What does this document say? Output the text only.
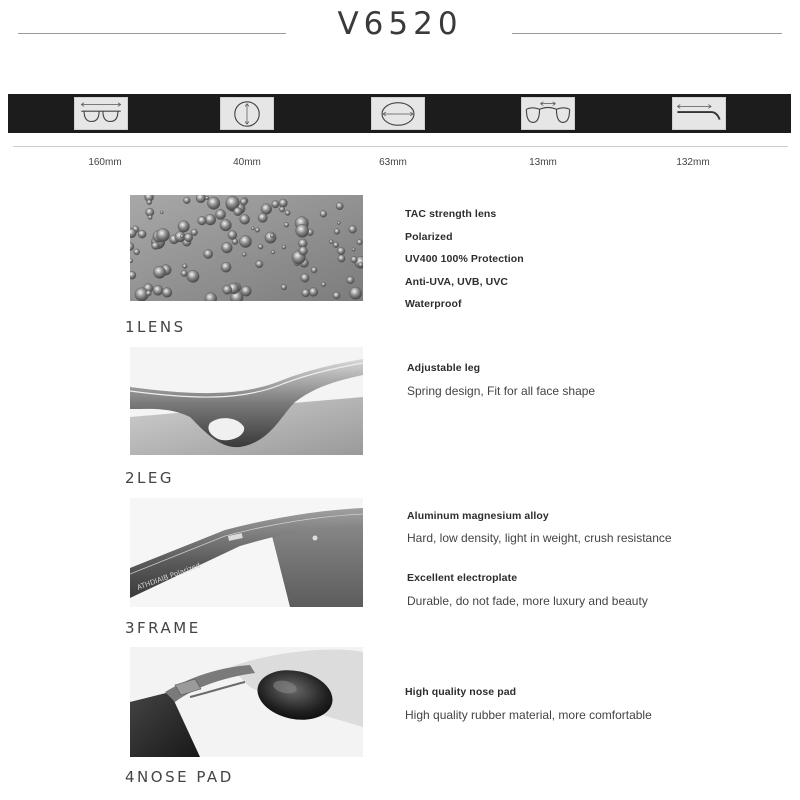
V6520
160mm	40mm	63mm	13mm	132mm
1LENS
TAC strength lens
Polarized
UV400 100% Protection
Anti-UVA, UVB, UVC
Waterproof
2LEG
Adjustable leg
Spring design, Fit for all face shape
ATHDIAIB Polarized
3FRAME
Aluminum magnesium alloy
Hard, low density, light in weight, crush resistance
Excellent electroplate
Durable, do not fade, more luxury and beauty
4NOSE PAD
High quality nose pad
High quality rubber material, more comfortable
